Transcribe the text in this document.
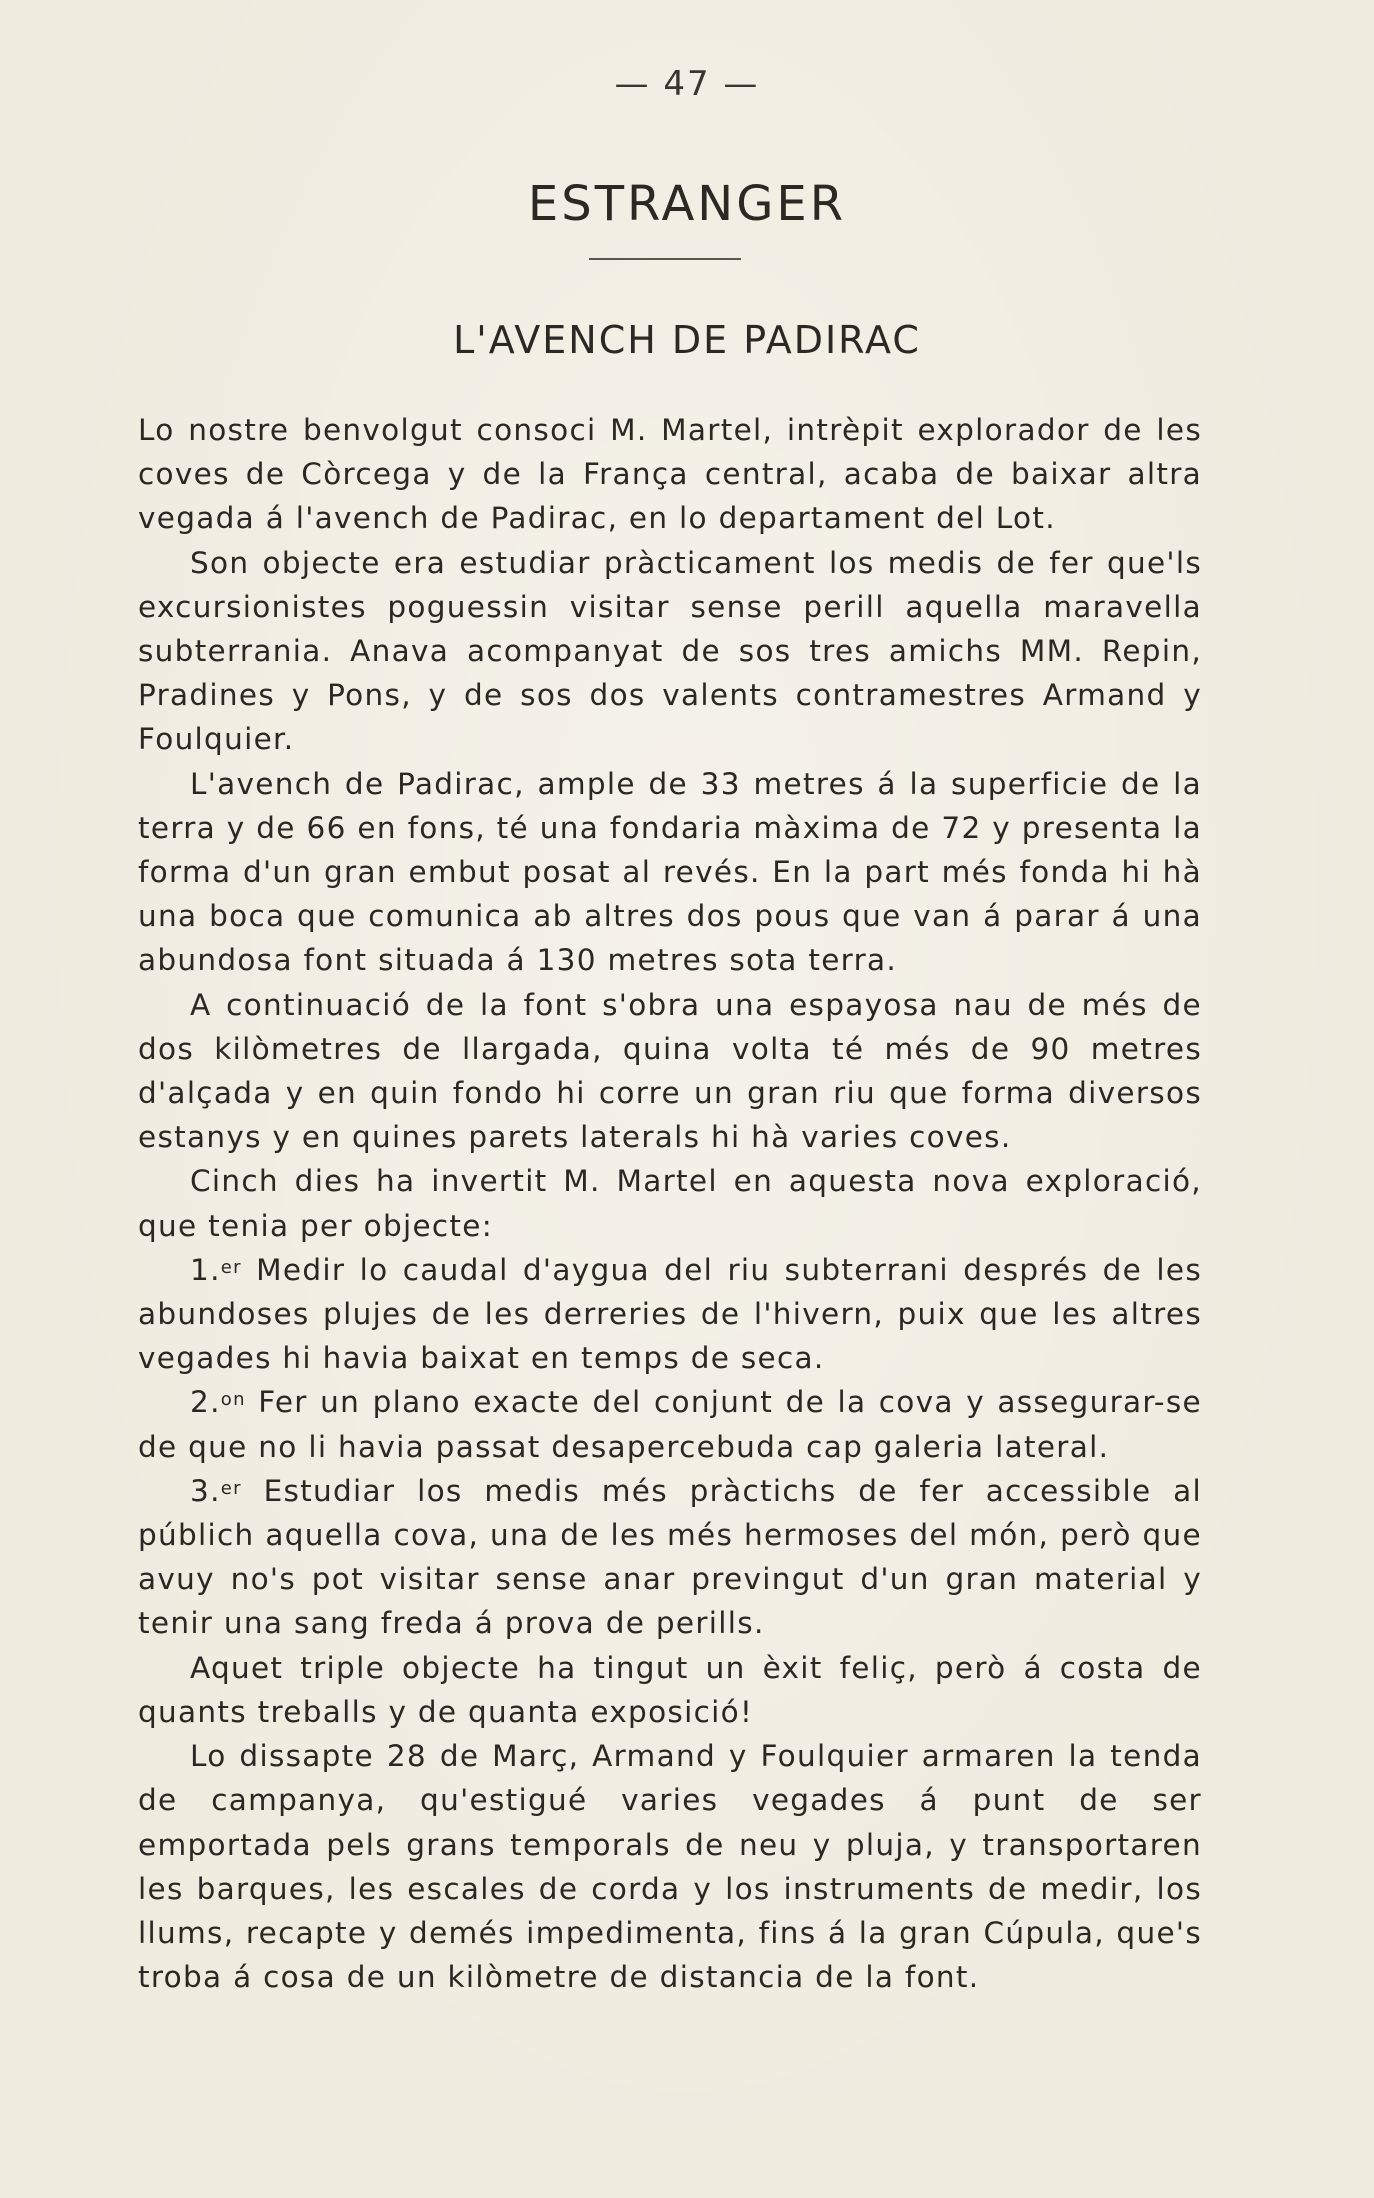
— 47 —
ESTRANGER
L'AVENCH DE PADIRAC

Lo nostre benvolgut consoci M. Martel, intrèpit explorador de les coves de Còrcega y de la França central, acaba de baixar altra vegada á l'avench de Padirac, en lo departament del Lot.

Son objecte era estudiar pràcticament los medis de fer que'ls excursionistes poguessin visitar sense perill aquella maravella subterrania. Anava acompanyat de sos tres amichs MM. Repin, Pradines y Pons, y de sos dos valents contramestres Armand y Foulquier.

L'avench de Padirac, ample de 33 metres á la superficie de la terra y de 66 en fons, té una fondaria màxima de 72 y presenta la forma d'un gran embut posat al revés. En la part més fonda hi hà una boca que comunica ab altres dos pous que van á parar á una abundosa font situada á 130 metres sota terra.

A continuació de la font s'obra una espayosa nau de més de dos kilòmetres de llargada, quina volta té més de 90 metres d'alçada y en quin fondo hi corre un gran riu que forma diversos estanys y en quines parets laterals hi hà varies coves.

Cinch dies ha invertit M. Martel en aquesta nova exploració, que tenia per objecte:

1.$^{er}$ Medir lo caudal d'aygua del riu subterrani després de les abundoses plujes de les derreries de l'hivern, puix que les altres vegades hi havia baixat en temps de seca.

2.$^{on}$ Fer un plano exacte del conjunt de la cova y assegurar-se de que no li havia passat desapercebuda cap galeria lateral.

3.$^{er}$ Estudiar los medis més pràctichs de fer accessible al públich aquella cova, una de les més hermoses del món, però que avuy no's pot visitar sense anar previngut d'un gran material y tenir una sang freda á prova de perills.

Aquet triple objecte ha tingut un èxit feliç, però á costa de quants treballs y de quanta exposició!

Lo dissapte 28 de Març, Armand y Foulquier armaren la tenda de campanya, qu'estigué varies vegades á punt de ser emportada pels grans temporals de neu y pluja, y transportaren les barques, les escales de corda y los instruments de medir, los llums, recapte y demés impedimenta, fins á la gran Cúpula, que's troba á cosa de un kilòmetre de distancia de la font.
